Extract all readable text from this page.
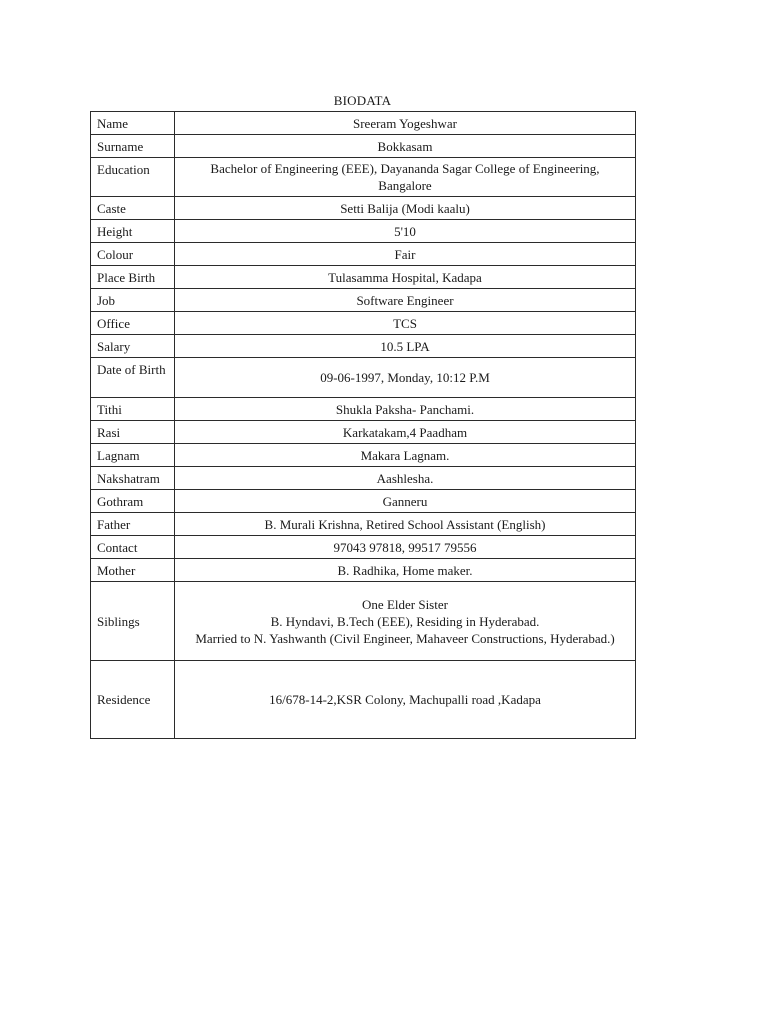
BIODATA
Name	Sreeram Yogeshwar
Surname	Bokkasam
Education	Bachelor of Engineering (EEE), Dayananda Sagar College of Engineering,
Bangalore

Caste	Setti Balija (Modi kaalu)
Height	5'10
Colour	Fair
Place Birth	Tulasamma Hospital, Kadapa
Job	Software Engineer
Office	TCS
Salary	10.5 LPA
Date of Birth	09-06-1997, Monday, 10:12 P.M
Tithi	Shukla Paksha- Panchami.
Rasi	Karkatakam,4 Paadham
Lagnam	Makara Lagnam.
Nakshatram	Aashlesha.
Gothram	Ganneru
Father	B. Murali Krishna, Retired School Assistant (English)
Contact	97043 97818, 99517 79556
Mother	B. Radhika, Home maker.
Siblings	One Elder Sister
B. Hyndavi, B.Tech (EEE), Residing in Hyderabad.
Married to N. Yashwanth (Civil Engineer, Mahaveer Constructions, Hyderabad.)

Residence	16/678-14-2,KSR Colony, Machupalli road ,Kadapa
